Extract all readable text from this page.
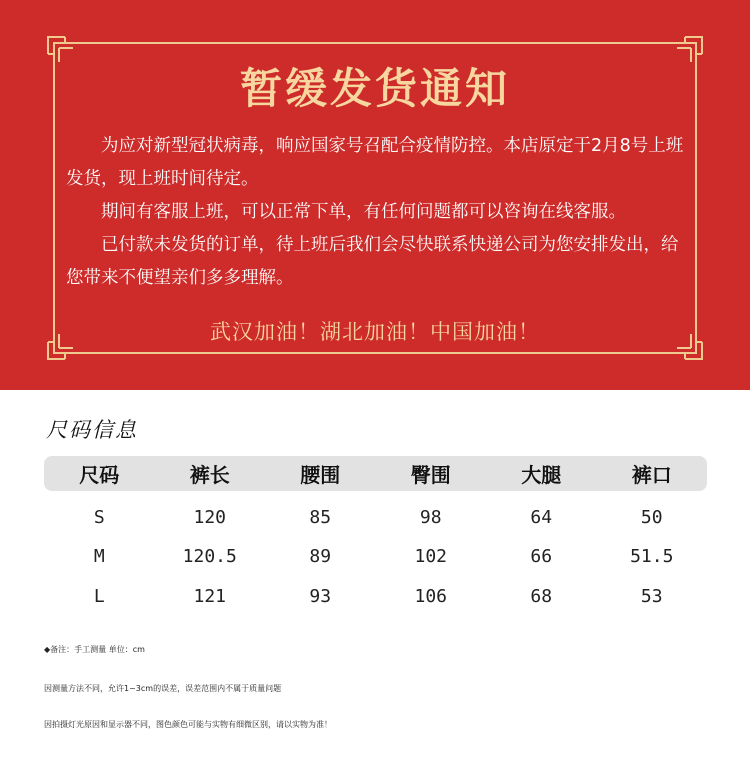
暂缓发货通知

为应对新型冠状病毒，响应国家号召配合疫情防控。本店原定于2月8号上班发货，现上班时间待定。

期间有客服上班，可以正常下单，有任何问题都可以咨询在线客服。

已付款未发货的订单，待上班后我们会尽快联系快递公司为您安排发出，给您带来不便望亲们多多理解。

武汉加油！湖北加油！中国加油！
尺码信息
尺码	裤长	腰围	臀围	大腿	裤口
S	120	85	98	64	50
M	120.5	89	102	66	51.5
L	121	93	106	68	53
◆备注：手工测量 单位：cm
因测量方法不同，允许1~3cm的误差，误差范围内不属于质量问题
因拍摄灯光原因和显示器不同，图色颜色可能与实物有细微区别，请以实物为准！
